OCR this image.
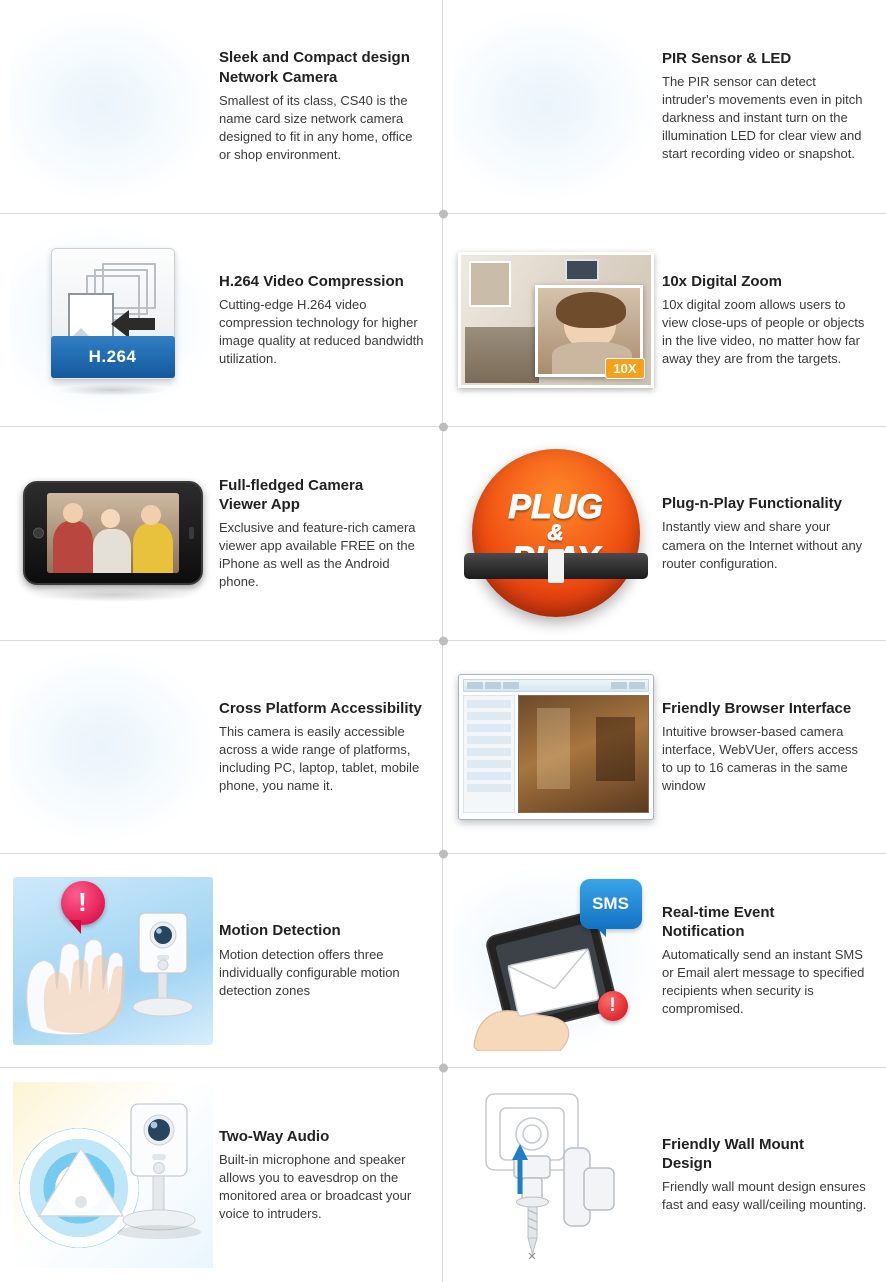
Sleek and Compact design
Network Camera
Smallest of its class, CS40 is the name card size network camera designed to fit in any home, office or shop environment.
PIR Sensor & LED
The PIR sensor can detect intruder's movements even in pitch darkness and instant turn on the illumination LED for clear view and start recording video or snapshot.
H.264
H.264 Video Compression
Cutting-edge H.264 video compression technology for higher image quality at reduced bandwidth utilization.
10X
10x Digital Zoom
10x digital zoom allows users to view close-ups of people or objects in the live video, no matter how far away they are from the targets.
Full-fledged Camera
Viewer App
Exclusive and feature-rich camera viewer app available FREE on the iPhone as well as the Android phone.
PLUG
&
Plug-n-Play Functionality
Instantly view and share your camera on the Internet without any router configuration.
Cross Platform Accessibility
This camera is easily accessible across a wide range of platforms, including PC, laptop, tablet, mobile phone, you name it.
Friendly Browser Interface
Intuitive browser-based camera interface, WebVUer, offers access to up to 16 cameras in the same window
!
Motion Detection
Motion detection offers three individually configurable motion detection zones
SMS
!
Real-time Event
Notification
Automatically send an instant SMS or Email alert message to specified recipients when security is compromised.
Two-Way Audio
Built-in microphone and speaker allows you to eavesdrop on the monitored area or broadcast your voice to intruders.
✕
Friendly Wall Mount
Design
Friendly wall mount design ensures fast and easy wall/ceiling mounting.
